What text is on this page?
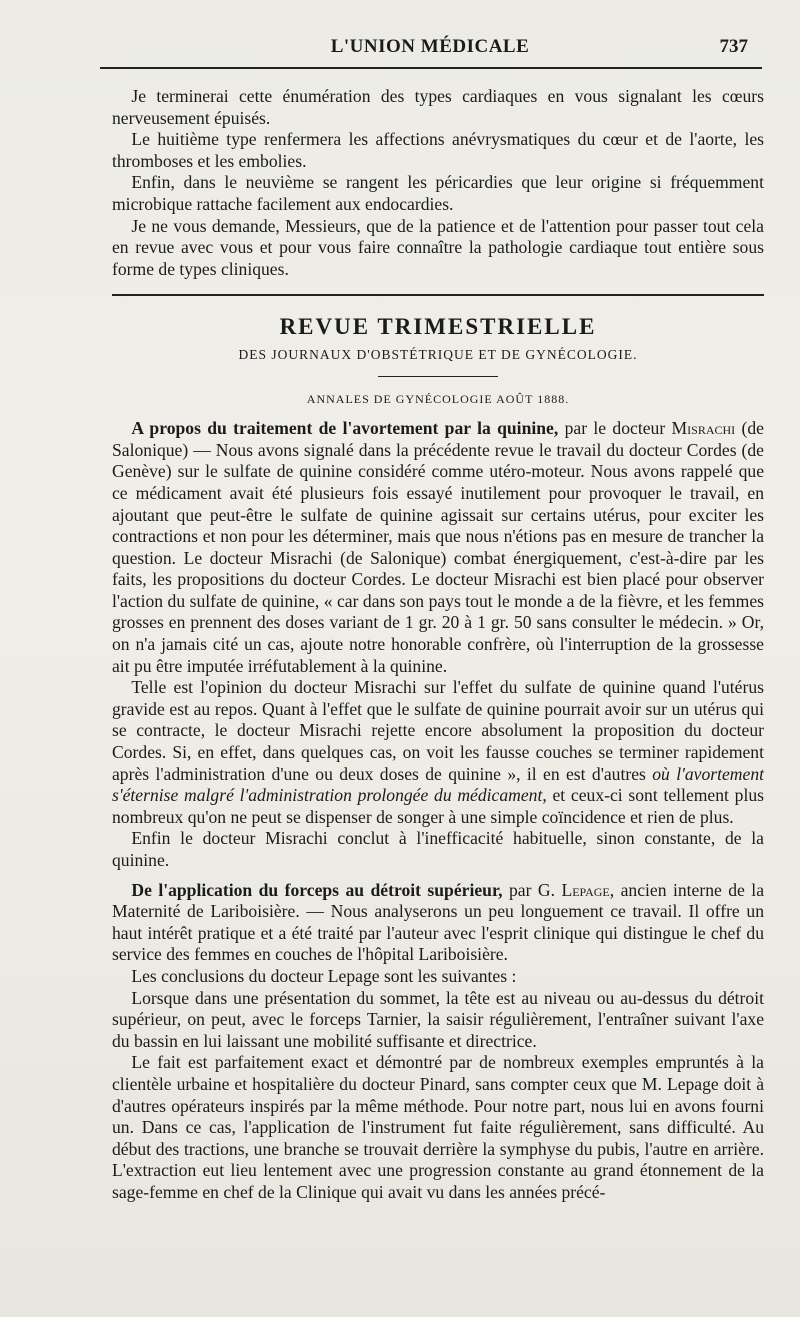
L'UNION MÉDICALE	737

Je terminerai cette énumération des types cardiaques en vous signalant les cœurs nerveusement épuisés.

Le huitième type renfermera les affections anévrysmatiques du cœur et de l'aorte, les thromboses et les embolies.

Enfin, dans le neuvième se rangent les péricardies que leur origine si fréquemment microbique rattache facilement aux endocardies.

Je ne vous demande, Messieurs, que de la patience et de l'attention pour passer tout cela en revue avec vous et pour vous faire connaître la pathologie cardiaque tout entière sous forme de types cliniques.

REVUE TRIMESTRIELLE
DES JOURNAUX D'OBSTÉTRIQUE ET DE GYNÉCOLOGIE.
ANNALES DE GYNÉCOLOGIE AOÛT 1888.

A propos du traitement de l'avortement par la quinine, par le docteur Misrachi (de Salonique) — Nous avons signalé dans la précédente revue le travail du docteur Cordes (de Genève) sur le sulfate de quinine considéré comme utéro-moteur. Nous avons rappelé que ce médicament avait été plusieurs fois essayé inutilement pour provoquer le travail, en ajoutant que peut-être le sulfate de quinine agissait sur certains utérus, pour exciter les contractions et non pour les déterminer, mais que nous n'étions pas en mesure de trancher la question. Le docteur Misrachi (de Salonique) combat énergiquement, c'est-à-dire par les faits, les propositions du docteur Cordes. Le docteur Misrachi est bien placé pour observer l'action du sulfate de quinine, « car dans son pays tout le monde a de la fièvre, et les femmes grosses en prennent des doses variant de 1 gr. 20 à 1 gr. 50 sans consulter le médecin. » Or, on n'a jamais cité un cas, ajoute notre honorable confrère, où l'interruption de la grossesse ait pu être imputée irréfutablement à la quinine.

Telle est l'opinion du docteur Misrachi sur l'effet du sulfate de quinine quand l'utérus gravide est au repos. Quant à l'effet que le sulfate de quinine pourrait avoir sur un utérus qui se contracte, le docteur Misrachi rejette encore absolument la proposition du docteur Cordes. Si, en effet, dans quelques cas, on voit les fausse couches se terminer rapidement après l'administration d'une ou deux doses de quinine », il en est d'autres où l'avortement s'éternise malgré l'administration prolongée du médicament, et ceux-ci sont tellement plus nombreux qu'on ne peut se dispenser de songer à une simple coïncidence et rien de plus.

Enfin le docteur Misrachi conclut à l'inefficacité habituelle, sinon constante, de la quinine.

De l'application du forceps au détroit supérieur, par G. Lepage, ancien interne de la Maternité de Lariboisière. — Nous analyserons un peu longuement ce travail. Il offre un haut intérêt pratique et a été traité par l'auteur avec l'esprit clinique qui distingue le chef du service des femmes en couches de l'hôpital Lariboisière.

Les conclusions du docteur Lepage sont les suivantes :

Lorsque dans une présentation du sommet, la tête est au niveau ou au-dessus du détroit supérieur, on peut, avec le forceps Tarnier, la saisir régulièrement, l'entraîner suivant l'axe du bassin en lui laissant une mobilité suffisante et directrice.

Le fait est parfaitement exact et démontré par de nombreux exemples empruntés à la clientèle urbaine et hospitalière du docteur Pinard, sans compter ceux que M. Lepage doit à d'autres opérateurs inspirés par la même méthode. Pour notre part, nous lui en avons fourni un. Dans ce cas, l'application de l'instrument fut faite régulièrement, sans difficulté. Au début des tractions, une branche se trouvait derrière la symphyse du pubis, l'autre en arrière. L'extraction eut lieu lentement avec une progression constante au grand étonnement de la sage-femme en chef de la Clinique qui avait vu dans les années précé-
